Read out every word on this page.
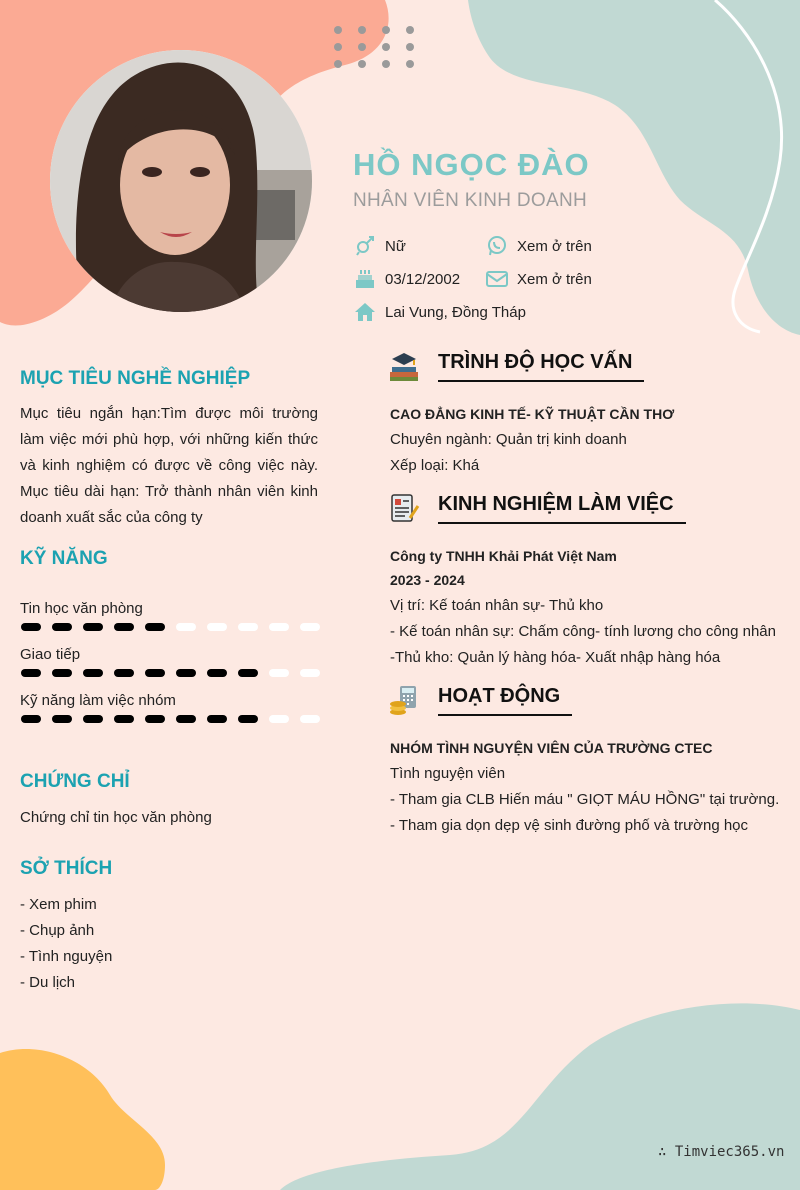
HỒ NGỌC ĐÀO
NHÂN VIÊN KINH DOANH
Nữ	Xem ở trên
03/12/2002	Xem ở trên
Lai Vung, Đồng Tháp
MỤC TIÊU NGHỀ NGHIỆP
Mục tiêu ngắn hạn:Tìm được môi trường làm việc mới phù hợp, với những kiến thức và kinh nghiệm có được về công việc này. Mục tiêu dài hạn: Trở thành nhân viên kinh doanh xuất sắc của công ty
KỸ NĂNG
Tin học văn phòng
Giao tiếp
Kỹ năng làm việc nhóm
CHỨNG CHỈ
Chứng chỉ tin học văn phòng
SỞ THÍCH
- Xem phim
- Chụp ảnh
- Tình nguyện
- Du lịch
TRÌNH ĐỘ HỌC VẤN
CAO ĐẲNG KINH TẾ- KỸ THUẬT CẦN THƠ
Chuyên ngành: Quản trị kinh doanh
Xếp loại: Khá
KINH NGHIỆM LÀM VIỆC
Công ty TNHH Khải Phát Việt Nam
2023 - 2024
Vị trí: Kế toán nhân sự- Thủ kho
- Kế toán nhân sự: Chấm công- tính lương cho công nhân
-Thủ kho: Quản lý hàng hóa- Xuất nhập hàng hóa
HOẠT ĐỘNG
NHÓM TÌNH NGUYỆN VIÊN CỦA TRƯỜNG CTEC
Tình nguyện viên
- Tham gia CLB Hiến máu " GIỌT MÁU HỒNG" tại trường.
- Tham gia dọn dẹp vệ sinh đường phố và trường học
∴ Timviec365.vn
